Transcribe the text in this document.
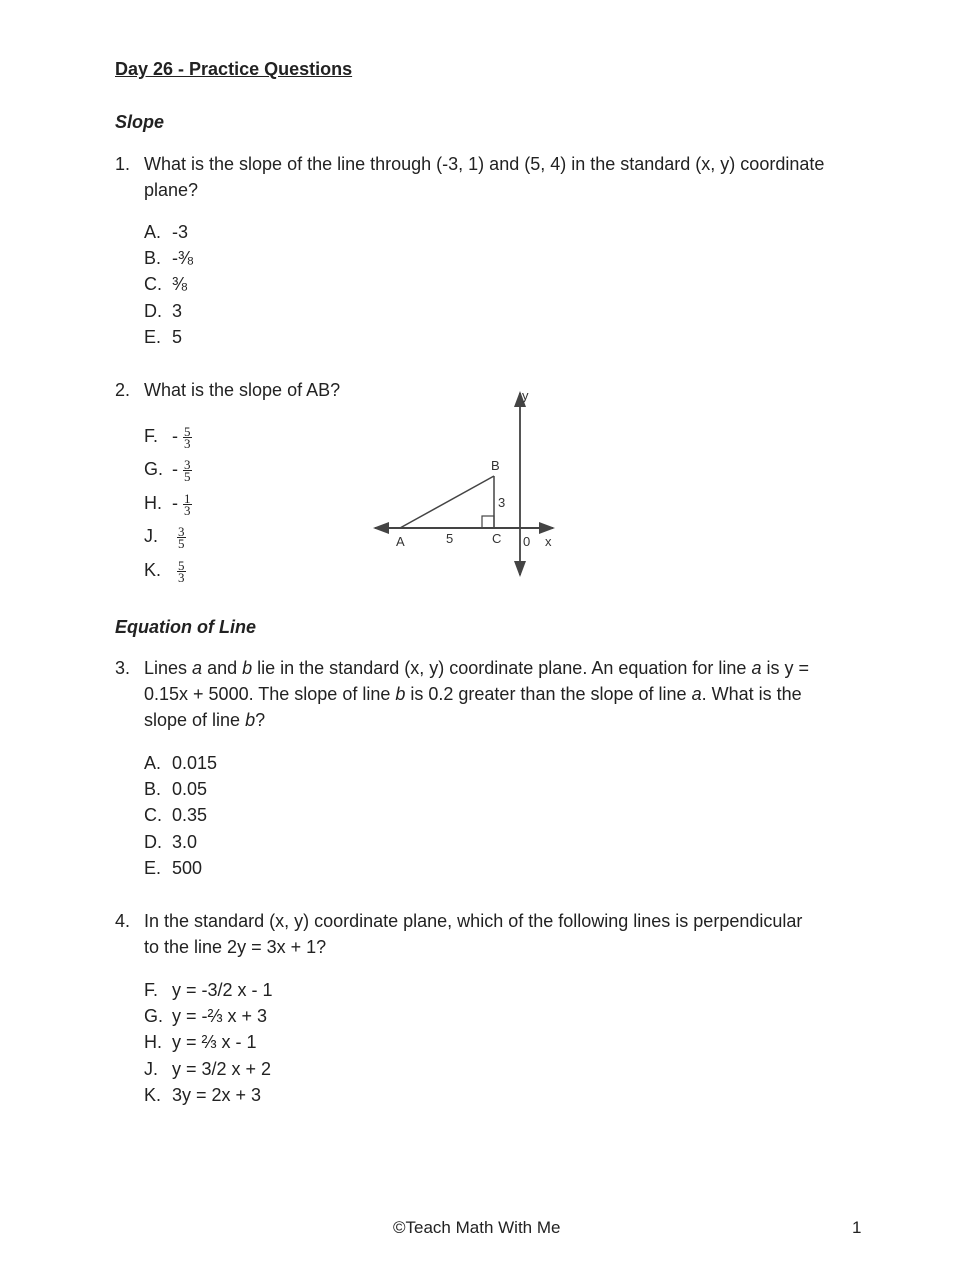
Day 26 - Practice Questions
Slope
1. What is the slope of the line through (-3, 1) and (5, 4) in the standard (x, y) coordinate
plane?
A. -3
B. -⅜
C. ⅜
D. 3
E. 5
2. What is the slope of AB?
F. - $\frac{5}{3}$
G. - $\frac{3}{5}$
H. - $\frac{1}{3}$
J. $\frac{3}{5}$
K. $\frac{5}{3}$
A
B
C
5
3
0 x
y
Equation of Line
3. Lines a and b lie in the standard (x, y) coordinate plane. An equation for line a is y =
0.15x + 5000. The slope of line b is 0.2 greater than the slope of line a. What is the
slope of line b?
A. 0.015
B. 0.05
C. 0.35
D. 3.0
E. 500
4. In the standard (x, y) coordinate plane, which of the following lines is perpendicular
to the line 2y = 3x + 1?
F. y = -3/2 x - 1
G. y = -⅔ x + 3
H. y = ⅔ x - 1
J. y = 3/2 x + 2
K. 3y = 2x + 3
©Teach Math With Me	1
